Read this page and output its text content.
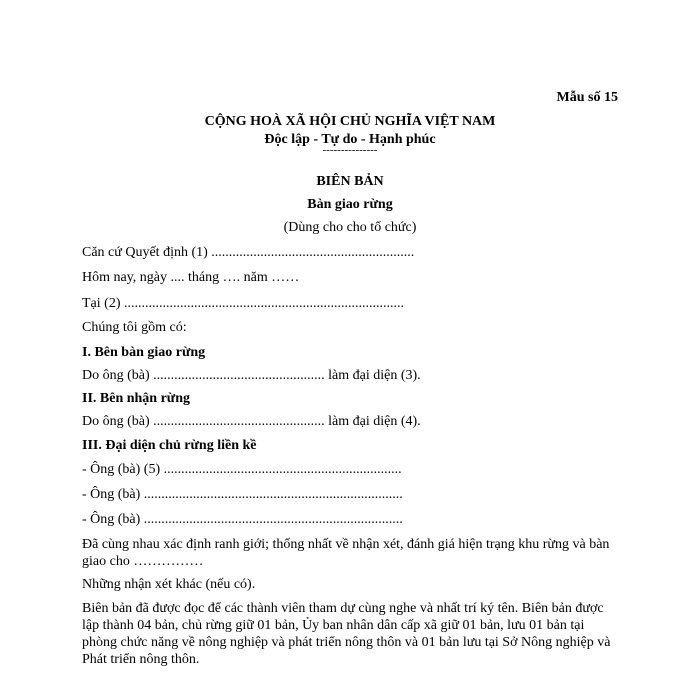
Mẫu số 15
CỘNG HOÀ XÃ HỘI CHỦ NGHĨA VIỆT NAM
Độc lập - Tự do - Hạnh phúc
---------------
BIÊN BẢN
Bàn giao rừng
(Dùng cho cho tổ chức)
Căn cứ Quyết định (1) ..........................................................
Hôm nay, ngày .... tháng …. năm ……
Tại (2) ................................................................................
Chúng tôi gồm có:
I. Bên bàn giao rừng
Do ông (bà) ................................................. làm đại diện (3).
II. Bên nhận rừng
Do ông (bà) ................................................. làm đại diện (4).
III. Đại diện chủ rừng liền kề
- Ông (bà) (5) ....................................................................
- Ông (bà) ..........................................................................
- Ông (bà) ..........................................................................
Đã cùng nhau xác định ranh giới; thống nhất về nhận xét, đánh giá hiện trạng khu rừng và bàn giao cho ……………
Những nhận xét khác (nếu có).
Biên bản đã được đọc để các thành viên tham dự cùng nghe và nhất trí ký tên. Biên bản được lập thành 04 bản, chủ rừng giữ 01 bản, Ủy ban nhân dân cấp xã giữ 01 bản, lưu 01 bản tại phòng chức năng về nông nghiệp và phát triển nông thôn và 01 bản lưu tại Sở Nông nghiệp và Phát triển nông thôn.
